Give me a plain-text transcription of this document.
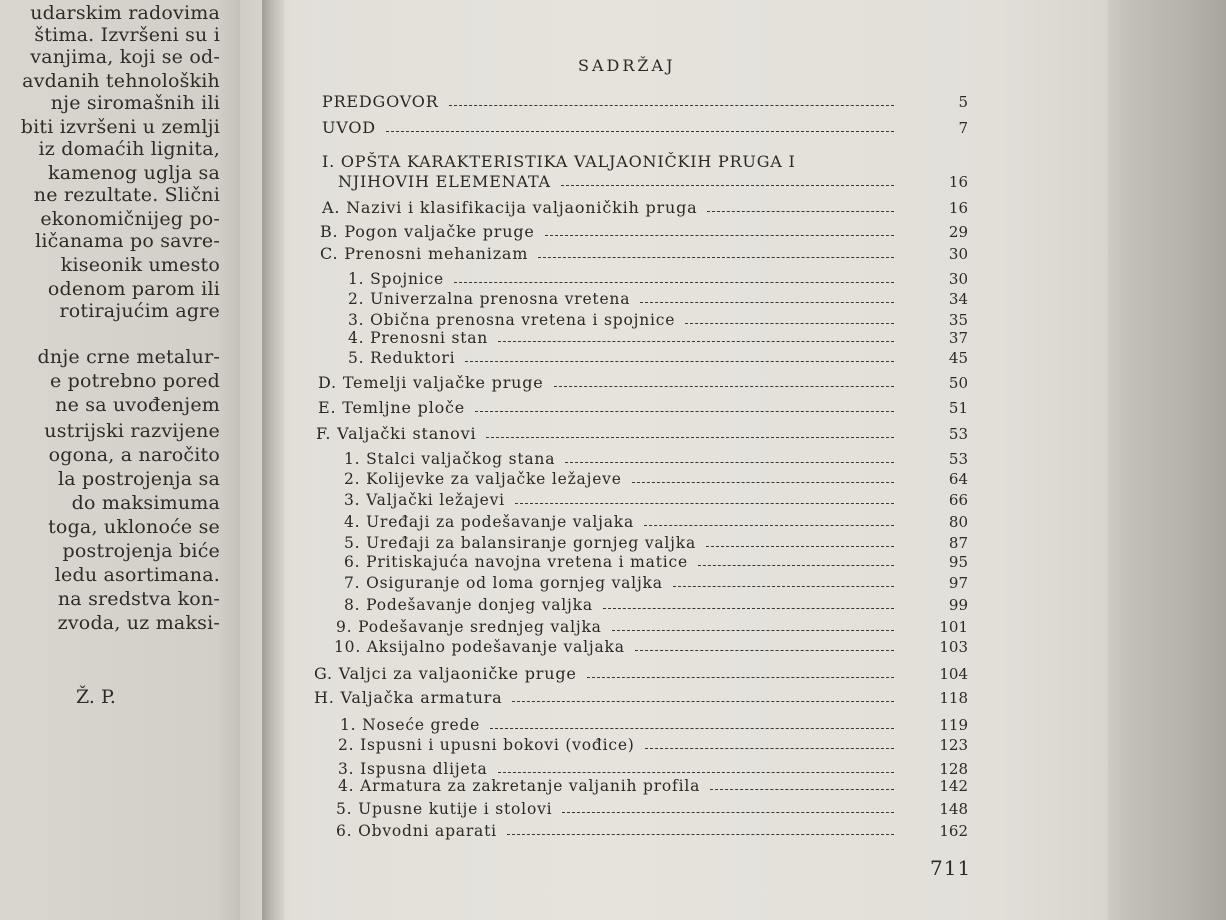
udarskim radovima
štima. Izvršeni su i
vanjima, koji se od-
avdanih tehnoloških
nje siromašnih ili
biti izvršeni u zemlji
iz domaćih lignita,
kamenog uglja sa
ne rezultate. Slični
ekonomičnijeg po-
ličanama po savre-
kiseonik umesto
odenom parom ili
rotirajućim agre
dnje crne metalur-
e potrebno pored
ne sa uvođenjem
ustrijski razvijene
ogona, a naročito
la postrojenja sa
do maksimuma
toga, uklonoće se
postrojenja biće
ledu asortimana.
na sredstva kon-
zvoda, uz maksi-
Ž. P.
SADRŽAJ
PREDGOVOR	5
UVOD	7
I. OPŠTA KARAKTERISTIKA VALJAONIČKIH PRUGA I
NJIHOVIH ELEMENATA	16
A. Nazivi i klasifikacija valjaoničkih pruga	16
B. Pogon valjačke pruge	29
C. Prenosni mehanizam	30
1. Spojnice	30
2. Univerzalna prenosna vretena	34
3. Obična prenosna vretena i spojnice	35
4. Prenosni stan	37
5. Reduktori	45
D. Temelji valjačke pruge	50
E. Temljne ploče	51
F. Valjački stanovi	53
1. Stalci valjačkog stana	53
2. Kolijevke za valjačke ležajeve	64
3. Valjački ležajevi	66
4. Uređaji za podešavanje valjaka	80
5. Uređaji za balansiranje gornjeg valjka	87
6. Pritiskajuća navojna vretena i matice	95
7. Osiguranje od loma gornjeg valjka	97
8. Podešavanje donjeg valjka	99
9. Podešavanje srednjeg valjka	101
10. Aksijalno podešavanje valjaka	103
G. Valjci za valjaoničke pruge	104
H. Valjačka armatura	118
1. Noseće grede	119
2. Ispusni i upusni bokovi (vođice)	123
3. Ispusna dlijeta	128
4. Armatura za zakretanje valjanih profila	142
5. Upusne kutije i stolovi	148
6. Obvodni aparati	162
711
